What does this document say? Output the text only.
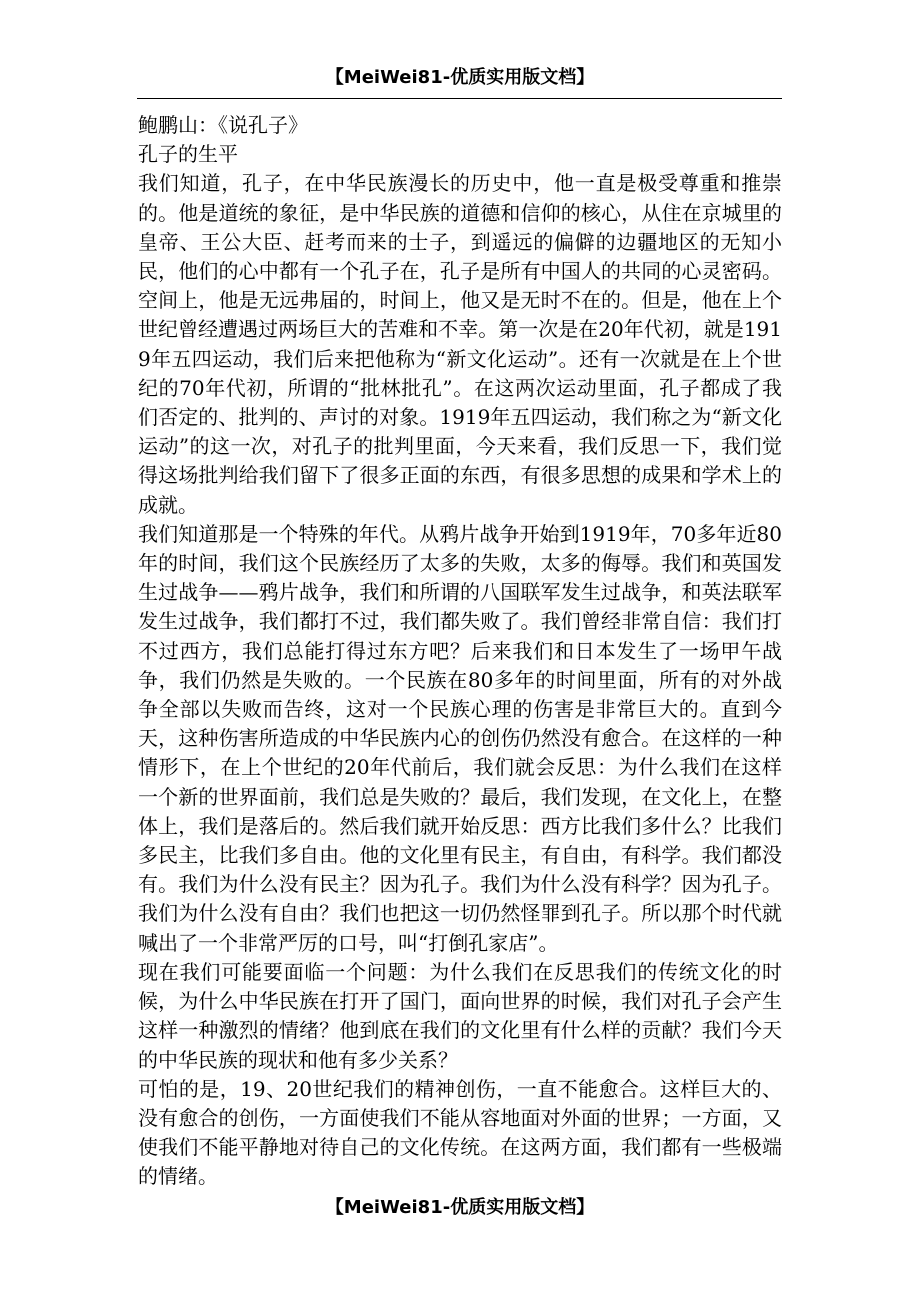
【MeiWei81-优质实用版文档】

鲍鹏山：《说孔子》

孔子的生平

我们知道，孔子，在中华民族漫长的历史中，他一直是极受尊重和推崇的。他是道统的象征，是中华民族的道德和信仰的核心，从住在京城里的皇帝、王公大臣、赶考而来的士子，到遥远的偏僻的边疆地区的无知小民，他们的心中都有一个孔子在，孔子是所有中国人的共同的心灵密码。空间上，他是无远弗届的，时间上，他又是无时不在的。但是，他在上个世纪曾经遭遇过两场巨大的苦难和不幸。第一次是在20年代初，就是1919年五四运动，我们后来把他称为“新文化运动”。还有一次就是在上个世纪的70年代初，所谓的“批林批孔”。在这两次运动里面，孔子都成了我们否定的、批判的、声讨的对象。1919年五四运动，我们称之为“新文化运动”的这一次，对孔子的批判里面，今天来看，我们反思一下，我们觉得这场批判给我们留下了很多正面的东西，有很多思想的成果和学术上的成就。

我们知道那是一个特殊的年代。从鸦片战争开始到1919年，70多年近80年的时间，我们这个民族经历了太多的失败，太多的侮辱。我们和英国发生过战争——鸦片战争，我们和所谓的八国联军发生过战争，和英法联军发生过战争，我们都打不过，我们都失败了。我们曾经非常自信：我们打不过西方，我们总能打得过东方吧？后来我们和日本发生了一场甲午战争，我们仍然是失败的。一个民族在80多年的时间里面，所有的对外战争全部以失败而告终，这对一个民族心理的伤害是非常巨大的。直到今天，这种伤害所造成的中华民族内心的创伤仍然没有愈合。在这样的一种情形下，在上个世纪的20年代前后，我们就会反思：为什么我们在这样一个新的世界面前，我们总是失败的？最后，我们发现，在文化上，在整体上，我们是落后的。然后我们就开始反思：西方比我们多什么？比我们多民主，比我们多自由。他的文化里有民主，有自由，有科学。我们都没有。我们为什么没有民主？因为孔子。我们为什么没有科学？因为孔子。我们为什么没有自由？我们也把这一切仍然怪罪到孔子。所以那个时代就喊出了一个非常严厉的口号，叫“打倒孔家店”。

现在我们可能要面临一个问题：为什么我们在反思我们的传统文化的时候，为什么中华民族在打开了国门，面向世界的时候，我们对孔子会产生这样一种激烈的情绪？他到底在我们的文化里有什么样的贡献？我们今天的中华民族的现状和他有多少关系？

可怕的是，19、20世纪我们的精神创伤，一直不能愈合。这样巨大的、没有愈合的创伤，一方面使我们不能从容地面对外面的世界；一方面，又使我们不能平静地对待自己的文化传统。在这两方面，我们都有一些极端的情绪。

【MeiWei81-优质实用版文档】
